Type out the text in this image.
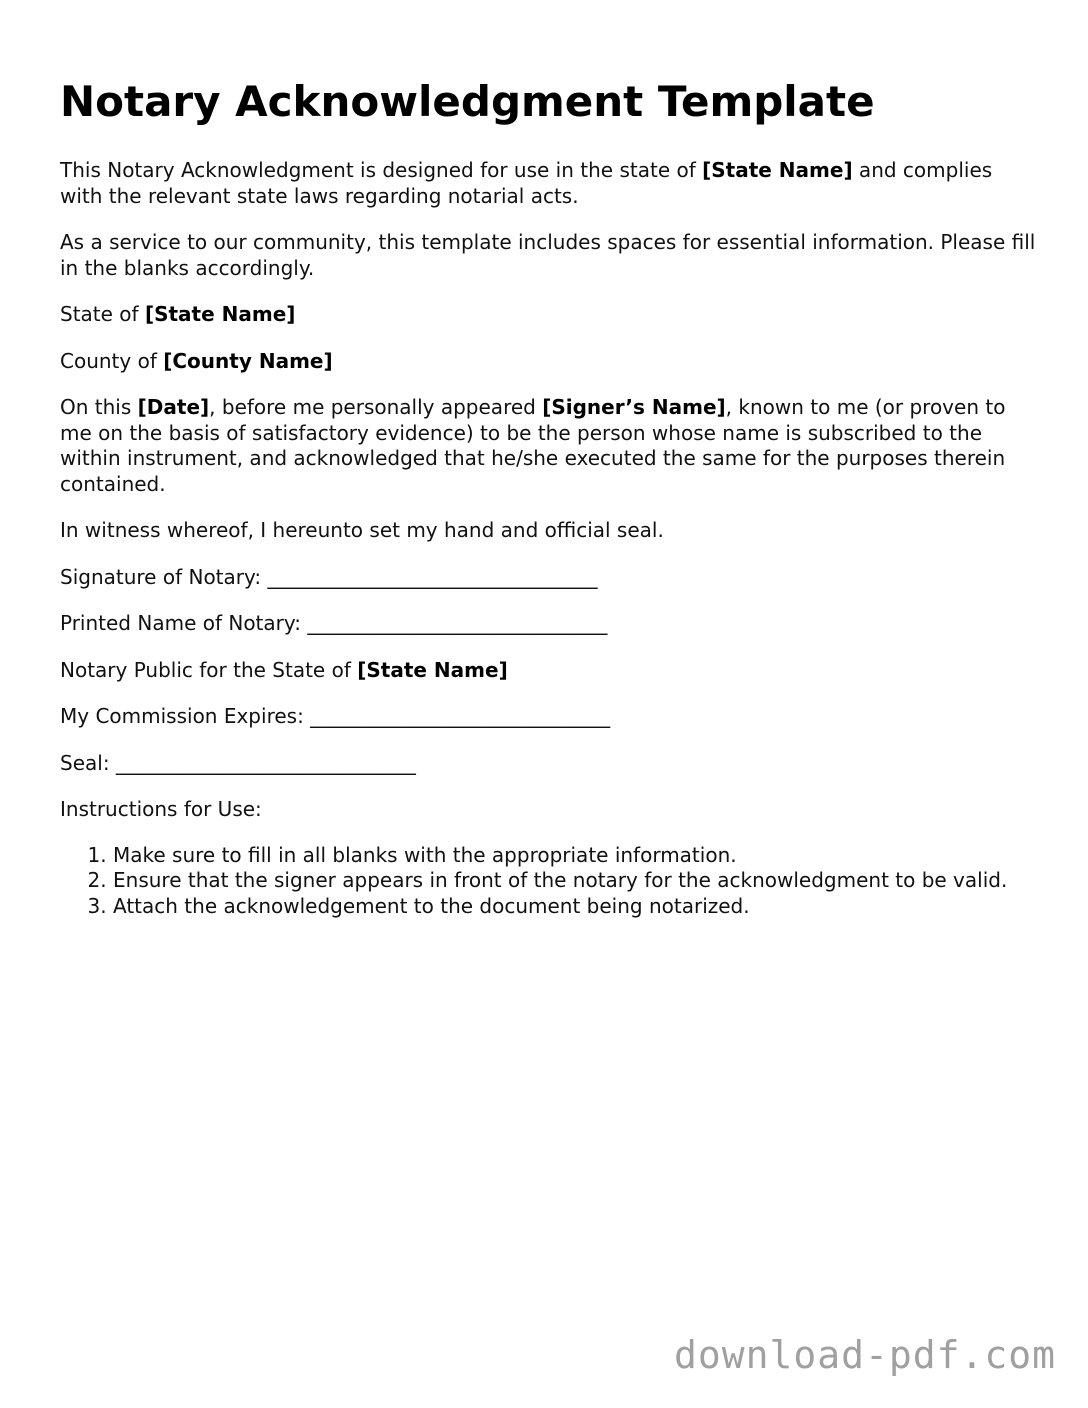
Notary Acknowledgment Template

This Notary Acknowledgment is designed for use in the state of [State Name] and complies with the relevant state laws regarding notarial acts.

As a service to our community, this template includes spaces for essential information. Please fill in the blanks accordingly.

State of [State Name]

County of [County Name]

On this [Date], before me personally appeared [Signer’s Name], known to me (or proven to me on the basis of satisfactory evidence) to be the person whose name is subscribed to the within instrument, and acknowledged that he/she executed the same for the purposes therein contained.

In witness whereof, I hereunto set my hand and official seal.

Signature of Notary: _________________________________

Printed Name of Notary: ______________________________

Notary Public for the State of [State Name]

My Commission Expires: ______________________________

Seal: ______________________________

Instructions for Use:

1. Make sure to fill in all blanks with the appropriate information.
2. Ensure that the signer appears in front of the notary for the acknowledgment to be valid.
3. Attach the acknowledgement to the document being notarized.
download-pdf.com
